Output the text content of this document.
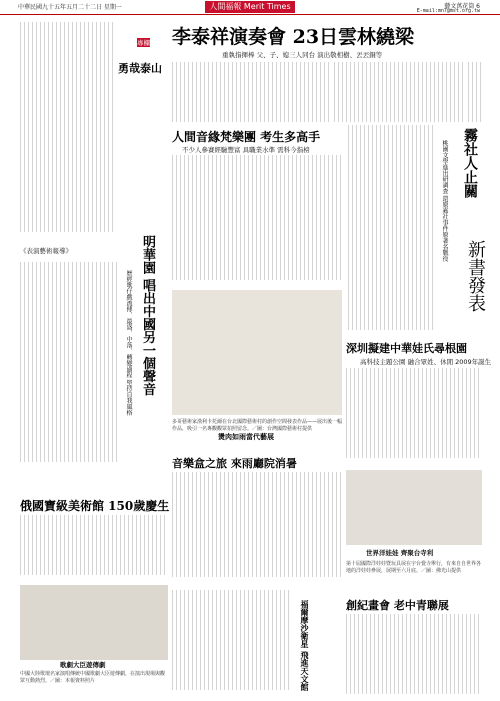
中華民國九十五年五月二十二日 星期一	人間福報 Merit Times	藝文萬花筒 6
E-mail:mn7@mst.org.tw
李泰祥演奏會 23日雲林繞梁
重執指揮棒 父、子、媳三人同台 演出敬相樹、丟丟銅等
人間音緣梵樂團 考生多高手
不少人參賽經驗豐富 具職業水準 需科今指榜
多哥藝術家漢利卡托爾在台北國際藝術村的創作空間發表作品——展出後一幅作品，吸引一名專觀觀眾拍照留念。／圖：台灣國際藝術村提供
燙肉如雨當代藝展
音樂盒之旅 來雨廳院消暑
《表演藝術報導》	明華園 唱出中國另一個聲音
歷經歌仔戲流傳、最盛、中落、轉變過程 堅持自我風格
俄國寶級美術館 150歲慶生
專欄
勇哉泰山
歌劇大臣遊傳劇
中國大陸歌壇名家演唱傳統中國歌劇大臣遊傳劇，在演出現場與觀眾互動熱烈。／圖：本報資料照片
霧社人止關
桃園文學進出研調查 還原霧社事件原著名戰役
新書發表
深圳擬建中華娃氏尋根園
高科技主題公園 融合眾姓、休閒 2009年誕生
世界洋娃娃 齊聚台寺利
第十屆國際洋娃娃暨玩具展在宇台覺寺舉行，有來自自世界各地的洋娃娃參展，展期至六月底。／圖：佛光山提供
創紀畫會 老中青聯展
福爾摩沙衛星 飛進天文館
